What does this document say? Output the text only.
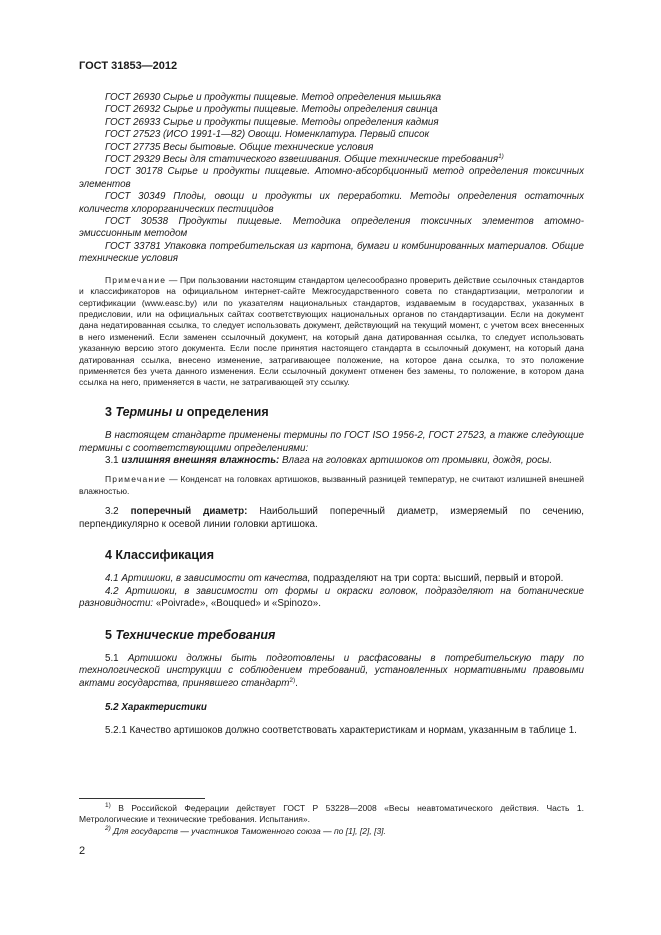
ГОСТ 31853—2012

ГОСТ 26930 Сырье и продукты пищевые. Метод определения мышьяка

ГОСТ 26932 Сырье и продукты пищевые. Методы определения свинца

ГОСТ 26933 Сырье и продукты пищевые. Методы определения кадмия

ГОСТ 27523 (ИСО 1991-1—82) Овощи. Номенклатура. Первый список

ГОСТ 27735 Весы бытовые. Общие технические условия

ГОСТ 29329 Весы для статического взвешивания. Общие технические требования$^{1)}$

ГОСТ 30178 Сырье и продукты пищевые. Атомно-абсорбционный метод определения токсичных элементов

ГОСТ 30349 Плоды, овощи и продукты их переработки. Методы определения остаточных количеств хлорорганических пестицидов

ГОСТ 30538 Продукты пищевые. Методика определения токсичных элементов атомно-эмиссионным методом

ГОСТ 33781 Упаковка потребительская из картона, бумаги и комбинированных материалов. Общие технические условия

Примечание — При пользовании настоящим стандартом целесообразно проверить действие ссылочных стандартов и классификаторов на официальном интернет-сайте Межгосударственного совета по стандартизации, метрологии и сертификации (www.easc.by) или по указателям национальных стандартов, издаваемым в государствах, указанных в предисловии, или на официальных сайтах соответствующих национальных органов по стандартизации. Если на документ дана недатированная ссылка, то следует использовать документ, действующий на текущий момент, с учетом всех внесенных в него изменений. Если заменен ссылочный документ, на который дана датированная ссылка, то следует использовать указанную версию этого документа. Если после принятия настоящего стандарта в ссылочный документ, на который дана датированная ссылка, внесено изменение, затрагивающее положение, на которое дана ссылка, то это положение применяется без учета данного изменения. Если ссылочный документ отменен без замены, то положение, в котором дана ссылка на него, применяется в части, не затрагивающей эту ссылку.

3 Термины и определения

В настоящем стандарте применены термины по ГОСТ ISO 1956-2, ГОСТ 27523, а также следующие термины с соответствующими определениями:

3.1 излишняя внешняя влажность: Влага на головках артишоков от промывки, дождя, росы.

Примечание — Конденсат на головках артишоков, вызванный разницей температур, не считают излишней внешней влажностью.

3.2 поперечный диаметр: Наибольший поперечный диаметр, измеряемый по сечению, перпендикулярно к осевой линии головки артишока.

4 Классификация

4.1 Артишоки, в зависимости от качества, подразделяют на три сорта: высший, первый и второй.

4.2 Артишоки, в зависимости от формы и окраски головок, подразделяют на ботанические разновидности: «Poivrade», «Bouqued» и «Spinozo».

5 Технические требования

5.1 Артишоки должны быть подготовлены и расфасованы в потребительскую тару по технологической инструкции с соблюдением требований, установленных нормативными правовыми актами государства, принявшего стандарт$^{2)}$.

5.2 Характеристики

5.2.1 Качество артишоков должно соответствовать характеристикам и нормам, указанным в таблице 1.

$^{1)}$ В Российской Федерации действует ГОСТ Р 53228—2008 «Весы неавтоматического действия. Часть 1. Метрологические и технические требования. Испытания».

$^{2)}$ Для государств — участников Таможенного союза — по [1], [2], [3].

2
